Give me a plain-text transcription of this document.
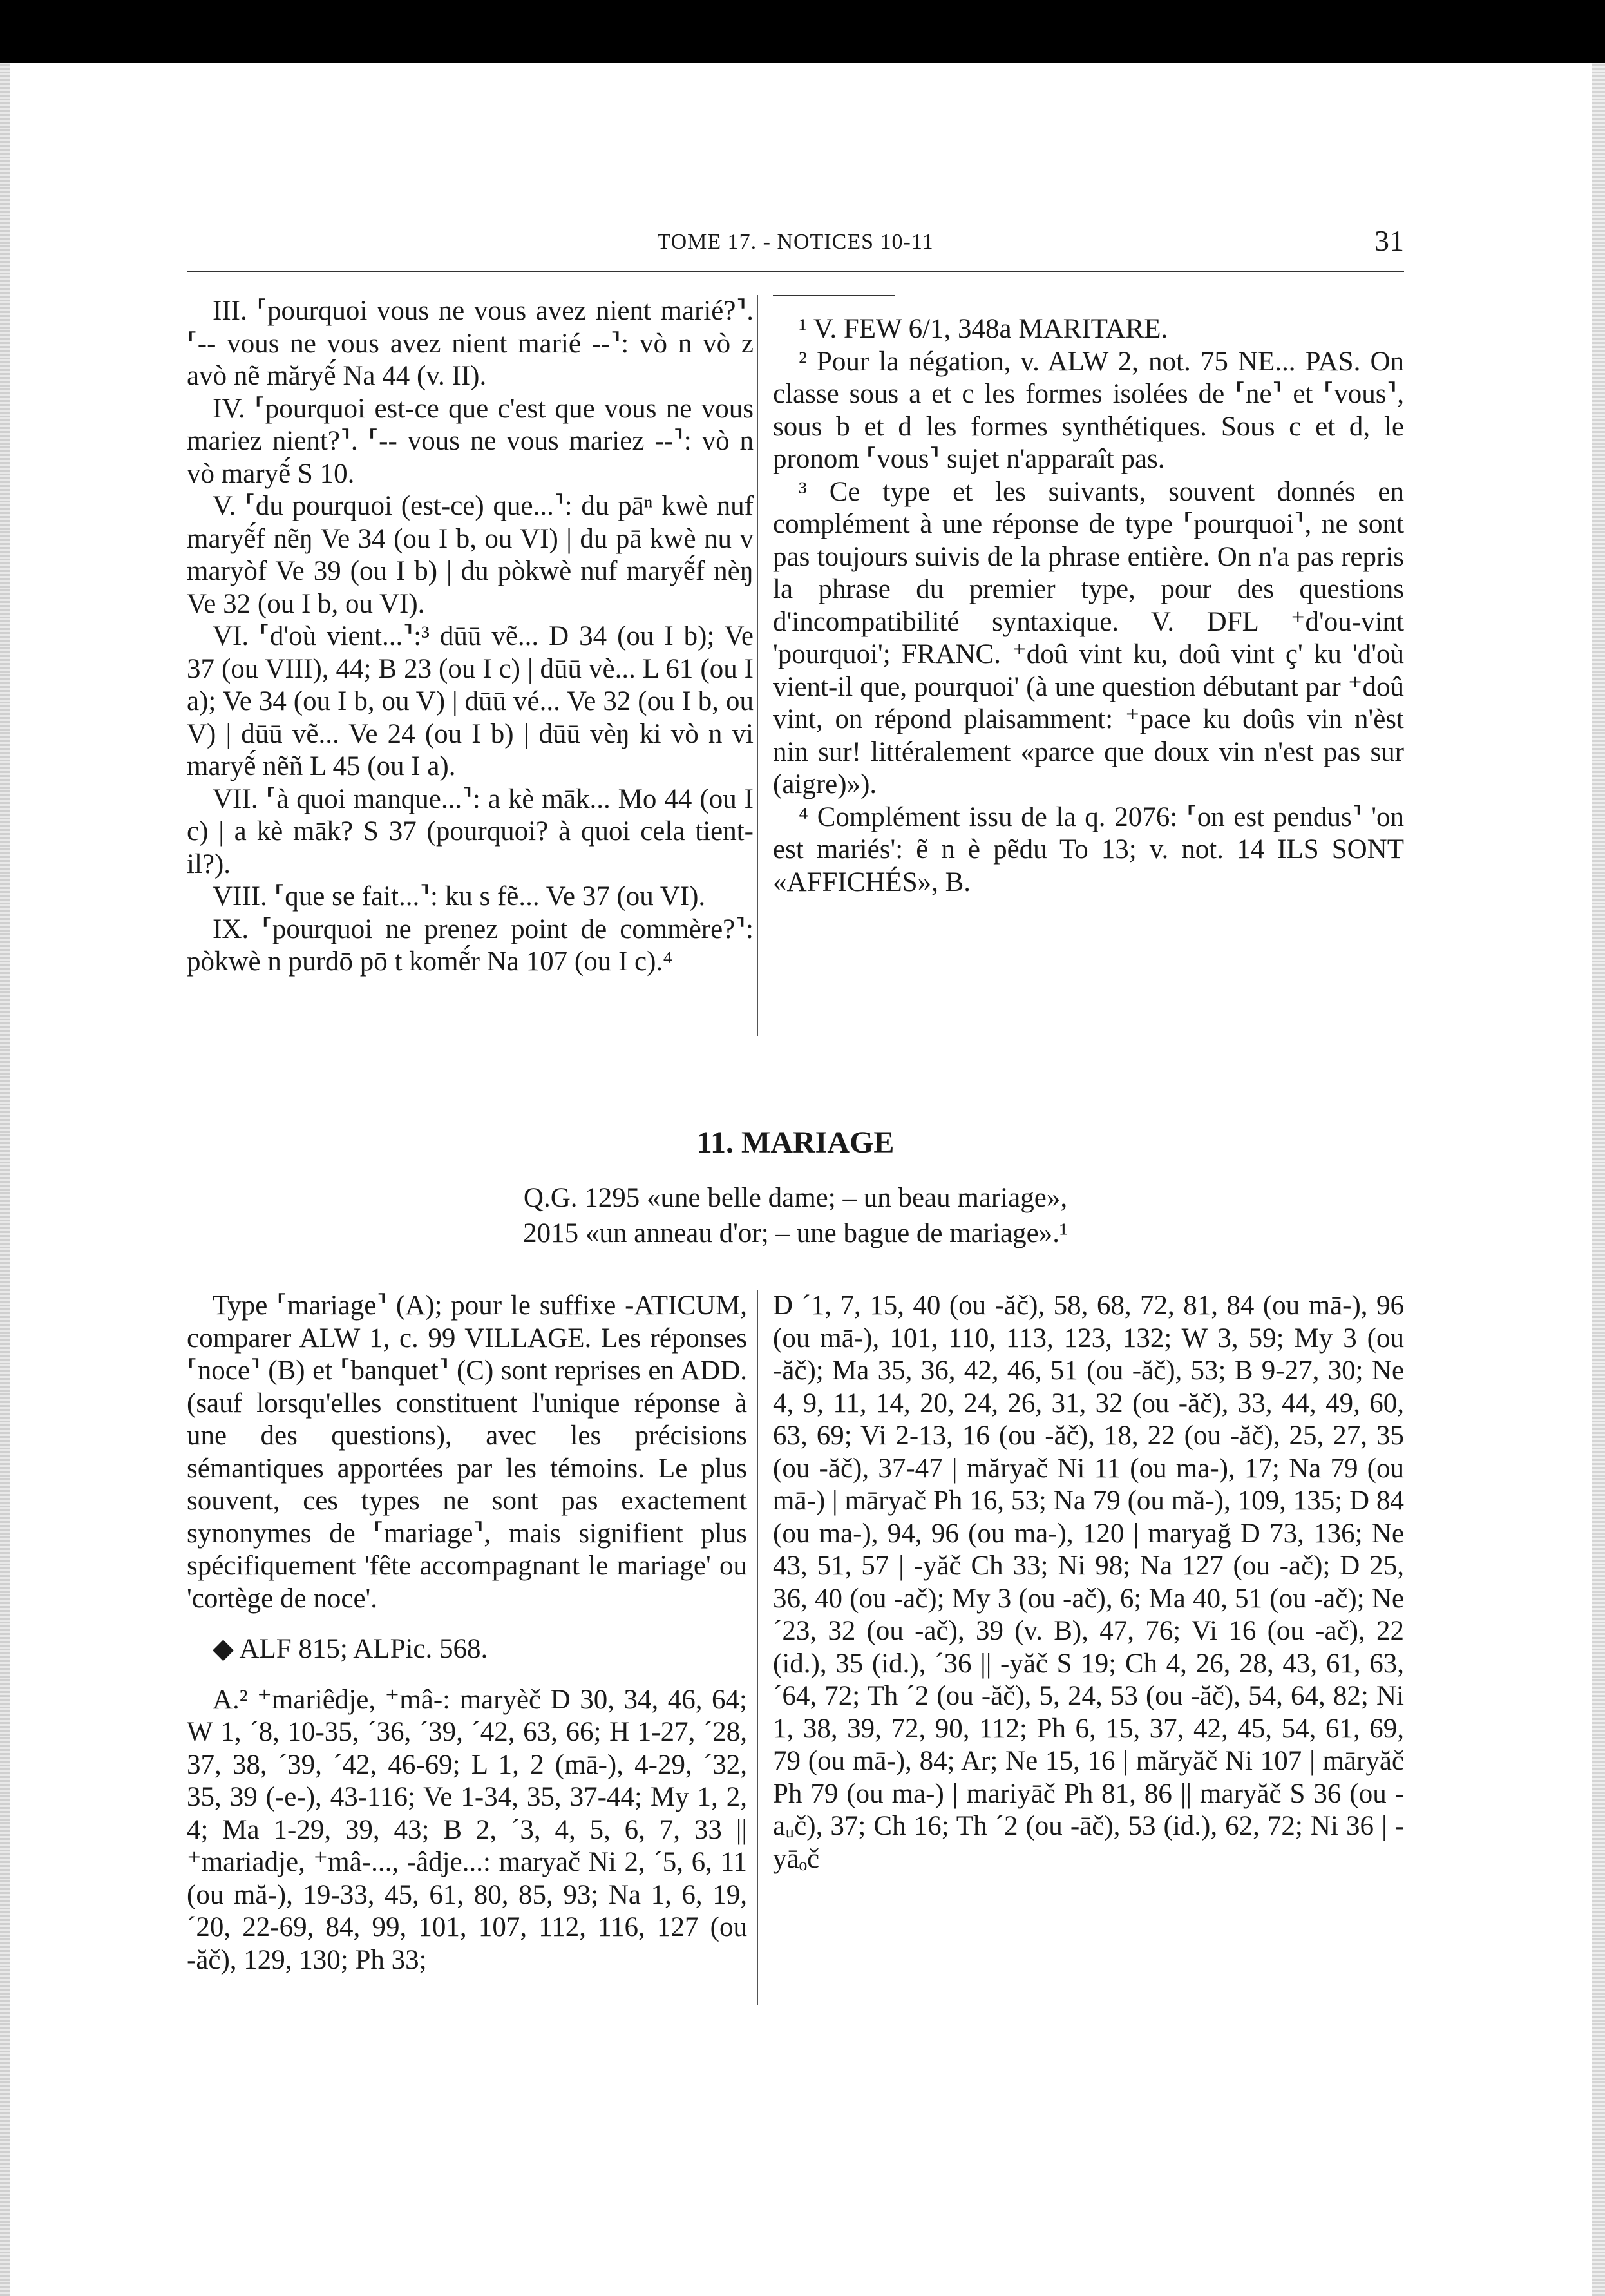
TOME 17. - NOTICES 10-11	31

III. ⸢pourquoi vous ne vous avez nient marié?⸣. ⸢-- vous ne vous avez nient marié --⸣: vò n vò z avò nẽ măryẽ́ Na 44 (v. II).

IV. ⸢pourquoi est-ce que c'est que vous ne vous mariez nient?⸣. ⸢-- vous ne vous mariez --⸣: vò n vò maryẽ́ S 10.

V. ⸢du pourquoi (est-ce) que...⸣: du pāⁿ kwè nuf maryẽ́f nẽŋ Ve 34 (ou I b, ou VI) | du pā kwè nu v maryòf Ve 39 (ou I b) | du pòkwè nuf maryẽ́f nèŋ Ve 32 (ou I b, ou VI).

VI. ⸢d'où vient...⸣:³ dūū vẽ... D 34 (ou I b); Ve 37 (ou VIII), 44; B 23 (ou I c) | dūū vè... L 61 (ou I a); Ve 34 (ou I b, ou V) | dūū vé... Ve 32 (ou I b, ou V) | dūū vẽ... Ve 24 (ou I b) | dūū vèŋ ki vò n vi maryẽ́ nẽñ L 45 (ou I a).

VII. ⸢à quoi manque...⸣: a kè māk... Mo 44 (ou I c) | a kè māk? S 37 (pourquoi? à quoi cela tient-il?).

VIII. ⸢que se fait...⸣: ku s fẽ... Ve 37 (ou VI).

IX. ⸢pourquoi ne prenez point de commère?⸣: pòkwè n purdō pō t komẽ́r Na 107 (ou I c).⁴

¹ V. FEW 6/1, 348a MARITARE.

² Pour la négation, v. ALW 2, not. 75 NE... PAS. On classe sous a et c les formes isolées de ⸢ne⸣ et ⸢vous⸣, sous b et d les formes synthétiques. Sous c et d, le pronom ⸢vous⸣ sujet n'apparaît pas.

³ Ce type et les suivants, souvent donnés en complément à une réponse de type ⸢pourquoi⸣, ne sont pas toujours suivis de la phrase entière. On n'a pas repris la phrase du premier type, pour des questions d'incompatibilité syntaxique. V. DFL ⁺d'ou-vint 'pourquoi'; FRANC. ⁺doû vint ku, doû vint ç' ku 'd'où vient-il que, pourquoi' (à une question débutant par ⁺doû vint, on répond plaisamment: ⁺pace ku doûs vin n'èst nin sur! littéralement «parce que doux vin n'est pas sur (aigre)»).

⁴ Complément issu de la q. 2076: ⸢on est pendus⸣ 'on est mariés': ẽ n è pẽdu To 13; v. not. 14 ILS SONT «AFFICHÉS», B.

11. MARIAGE
Q.G. 1295 «une belle dame; – un beau mariage»,
2015 «un anneau d'or; – une bague de mariage».¹

Type ⸢mariage⸣ (A); pour le suffixe -ATICUM, comparer ALW 1, c. 99 VILLAGE. Les réponses ⸢noce⸣ (B) et ⸢banquet⸣ (C) sont reprises en ADD. (sauf lorsqu'elles constituent l'unique réponse à une des questions), avec les précisions sémantiques apportées par les témoins. Le plus souvent, ces types ne sont pas exactement synonymes de ⸢mariage⸣, mais signifient plus spécifiquement 'fête accompagnant le mariage' ou 'cortège de noce'.

◆ ALF 815; ALPic. 568.

A.² ⁺mariêdje, ⁺mâ-: maryèč D 30, 34, 46, 64; W 1, ´8, 10-35, ´36, ´39, ´42, 63, 66; H 1-27, ´28, 37, 38, ´39, ´42, 46-69; L 1, 2 (mā-), 4-29, ´32, 35, 39 (-e-), 43-116; Ve 1-34, 35, 37-44; My 1, 2, 4; Ma 1-29, 39, 43; B 2, ´3, 4, 5, 6, 7, 33 || ⁺mariadje, ⁺mâ-..., -âdje...: maryač Ni 2, ´5, 6, 11 (ou mă-), 19-33, 45, 61, 80, 85, 93; Na 1, 6, 19, ´20, 22-69, 84, 99, 101, 107, 112, 116, 127 (ou -ăč), 129, 130; Ph 33;

D ´1, 7, 15, 40 (ou -ăč), 58, 68, 72, 81, 84 (ou mā-), 96 (ou mā-), 101, 110, 113, 123, 132; W 3, 59; My 3 (ou -ăč); Ma 35, 36, 42, 46, 51 (ou -ăč), 53; B 9-27, 30; Ne 4, 9, 11, 14, 20, 24, 26, 31, 32 (ou -ăč), 33, 44, 49, 60, 63, 69; Vi 2-13, 16 (ou -ăč), 18, 22 (ou -ăč), 25, 27, 35 (ou -ăč), 37-47 | măryač Ni 11 (ou ma-), 17; Na 79 (ou mā-) | māryač Ph 16, 53; Na 79 (ou mă-), 109, 135; D 84 (ou ma-), 94, 96 (ou ma-), 120 | maryağ D 73, 136; Ne 43, 51, 57 | -yăč Ch 33; Ni 98; Na 127 (ou -ač); D 25, 36, 40 (ou -ač); My 3 (ou -ač), 6; Ma 40, 51 (ou -ač); Ne ´23, 32 (ou -ač), 39 (v. B), 47, 76; Vi 16 (ou -ač), 22 (id.), 35 (id.), ´36 || -yăč S 19; Ch 4, 26, 28, 43, 61, 63, ´64, 72; Th ´2 (ou -ăč), 5, 24, 53 (ou -ăč), 54, 64, 82; Ni 1, 38, 39, 72, 90, 112; Ph 6, 15, 37, 42, 45, 54, 61, 69, 79 (ou mā-), 84; Ar; Ne 15, 16 | măryăč Ni 107 | māryăč Ph 79 (ou ma-) | mariyāč Ph 81, 86 || maryăč S 36 (ou -aᵤč), 37; Ch 16; Th ´2 (ou -āč), 53 (id.), 62, 72; Ni 36 | -yāₒč
